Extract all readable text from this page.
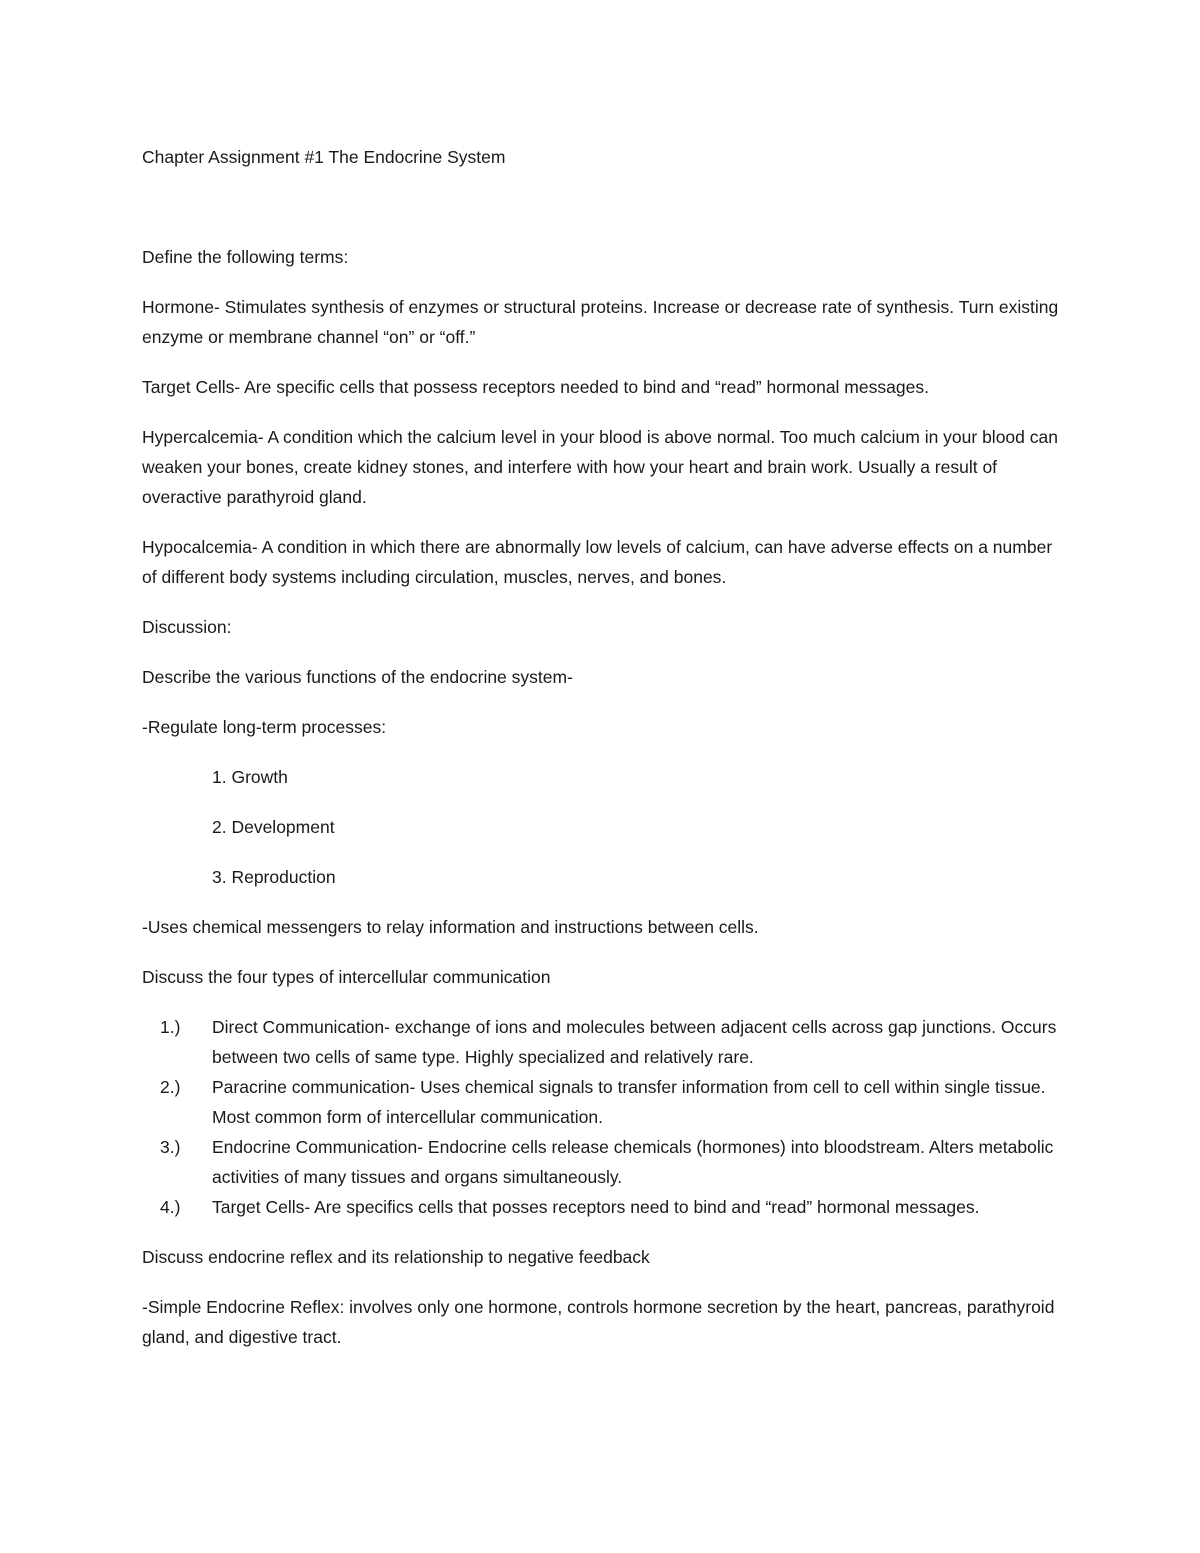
Chapter Assignment #1 The Endocrine System

Define the following terms:

Hormone- Stimulates synthesis of enzymes or structural proteins. Increase or decrease rate of synthesis. Turn existing enzyme or membrane channel “on” or “off.”

Target Cells- Are specific cells that possess receptors needed to bind and “read” hormonal messages.

Hypercalcemia- A condition which the calcium level in your blood is above normal. Too much calcium in your blood can weaken your bones, create kidney stones, and interfere with how your heart and brain work. Usually a result of overactive parathyroid gland.

Hypocalcemia- A condition in which there are abnormally low levels of calcium, can have adverse effects on a number of different body systems including circulation, muscles, nerves, and bones.

Discussion:

Describe the various functions of the endocrine system-

-Regulate long-term processes:

1. Growth

2. Development

3. Reproduction

-Uses chemical messengers to relay information and instructions between cells.

Discuss the four types of intercellular communication

1.)	Direct Communication- exchange of ions and molecules between adjacent cells across gap junctions. Occurs between two cells of same type. Highly specialized and relatively rare.
2.)	Paracrine communication- Uses chemical signals to transfer information from cell to cell within single tissue. Most common form of intercellular communication.
3.)	Endocrine Communication- Endocrine cells release chemicals (hormones) into bloodstream. Alters metabolic activities of many tissues and organs simultaneously.
4.)	Target Cells- Are specifics cells that posses receptors need to bind and “read” hormonal messages.

Discuss endocrine reflex and its relationship to negative feedback

-Simple Endocrine Reflex: involves only one hormone, controls hormone secretion by the heart, pancreas, parathyroid gland, and digestive tract.
